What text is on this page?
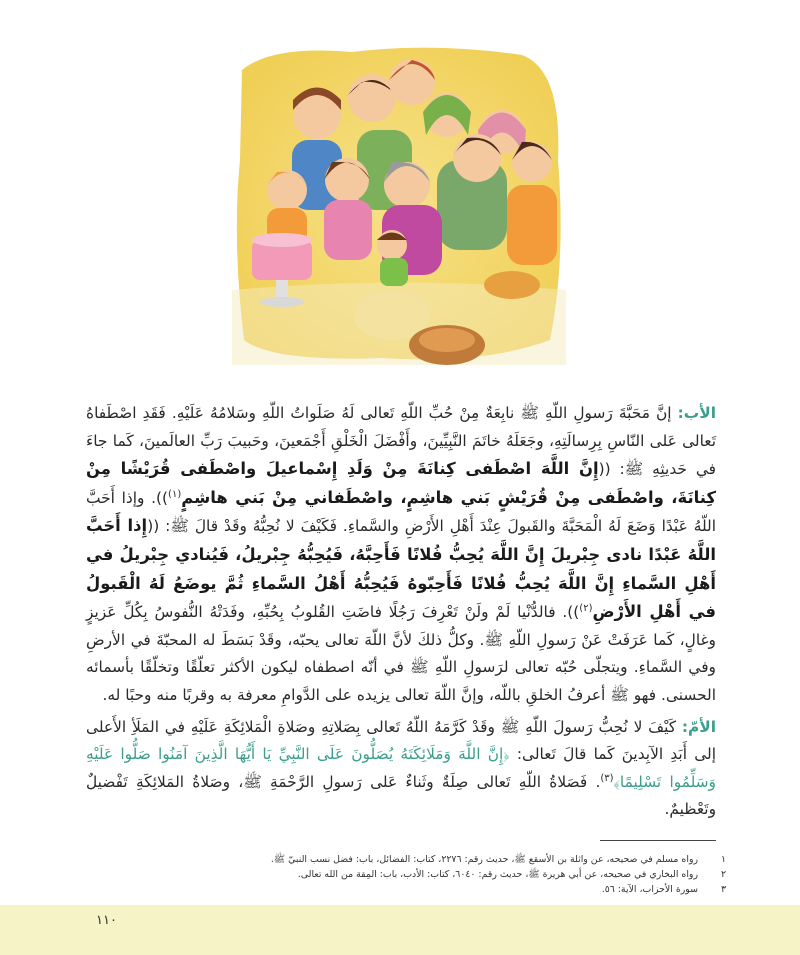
الأب: إنَّ مَحَبَّةَ رَسولِ اللّهِ ﷺ نابِعَةٌ مِنْ حُبِّ اللّهِ تَعالى لَهُ صَلَواتُ اللّهِ وسَلامُهُ عَلَيْهِ. فَقَدِ اصْطَفاهُ تَعالى عَلى النّاسِ بِرِسالَتِهِ، وجَعَلَهُ خاتَمَ النَّبِيِّينَ، وأَفْضَلَ الْخَلْقِ أَجْمَعينَ، وحَبيبَ رَبِّ العالَمينَ، كَما جاءَ في حَديثِهِ ﷺ: ((إِنَّ اللَّهَ اصْطَفى كِنانَةَ مِنْ وَلَدِ إِسْماعيلَ واصْطَفى قُرَيْشًا مِنْ كِنانَةَ، واصْطَفى مِنْ قُرَيْشٍ بَني هاشِمٍ، واصْطَفاني مِنْ بَني هاشِمٍ$^{(١)}$)). وإذا أَحَبَّ اللّهُ عَبْدًا وَضَعَ لَهُ الْمَحَبَّةَ والقَبولَ عِنْدَ أَهْلِ الأَرْضِ والسَّماءِ. فَكَيْفَ لا نُحِبُّهُ وقَدْ قالَ ﷺ: ((إِذا أَحَبَّ اللَّهُ عَبْدًا نادى جِبْريلَ إِنَّ اللَّهَ يُحِبُّ فُلانًا فَأَحِبَّهُ، فَيُحِبُّهُ جِبْريلُ، فَيُنادي جِبْريلُ في أَهْلِ السَّماءِ إِنَّ اللَّهَ يُحِبُّ فُلانًا فَأَحِبّوهُ فَيُحِبُّهُ أَهْلُ السَّماءِ ثُمَّ يوضَعُ لَهُ الْقَبولُ في أَهْلِ الأَرْضِ$^{(٢)}$)). فالدُّنْيا لَمْ ولَنْ تَعْرِفَ رَجُلًا فاضَتِ القُلوبُ بِحُبِّهِ، وفَدَتْهُ النُّفوسُ بِكُلِّ عَزيزٍ وغالٍ، كَما عَرَفَتْ عَنْ رَسولِ اللّهِ ﷺ. وكلُّ ذلكَ لأنَّ اللّهَ تعالى يحبّه، وقَدْ بَسَطَ له المحبّةَ في الأرضِ وفي السَّماءِ. ويتجلّى حُبّه تعالى لرَسولِ اللّهِ ﷺ في أنّه اصطفاه ليكون الأكثر تعلّقًا وتخلّقًا بأسمائه الحسنى. فهو ﷺ أعرفُ الخلقِ باللّه، وإنَّ اللّهَ تعالى يزيده على الدَّوامِ معرفة به وقربًا منه وحبًا له.

الأمّ: كَيْفَ لا نُحِبُّ رَسولَ اللّهِ ﷺ وقَدْ كَرَّمَهُ اللّهُ تَعالى بِصَلاتِهِ وصَلاةِ الْمَلائِكَةِ عَلَيْهِ في المَلَأِ الأَعلى إلى أَبَدِ الآبِدينَ كَما قالَ تَعالى: ﴿إِنَّ اللَّهَ وَمَلَائِكَتَهُ يُصَلُّونَ عَلَى النَّبِيِّ يَا أَيُّهَا الَّذِينَ آمَنُوا صَلُّوا عَلَيْهِ وَسَلِّمُوا تَسْلِيمًا﴾$^{(٣)}$. فَصَلاةُ اللّهِ تَعالى صِلَةٌ وثَناءٌ عَلى رَسولِ الرَّحْمَةِ ﷺ، وصَلاةُ المَلائِكَةِ تَفْضيلٌ وتَعْظيمٌ.

١
رواه مسلم في صحيحه، عن واثلة بن الأسقع ﷺ، حديث رقم: ٢٢٧٦، كتاب: الفضائل، باب: فضل نسب النبيّ ﷺ.
٢
رواه البخاري في صحيحه، عن أبي هريرة ﷺ، حديث رقم: ٦٠٤٠، كتاب: الأدب، باب: المِقة من الله تعالى.
٣
سورة الأحزاب، الآية: ٥٦.
١١٠
